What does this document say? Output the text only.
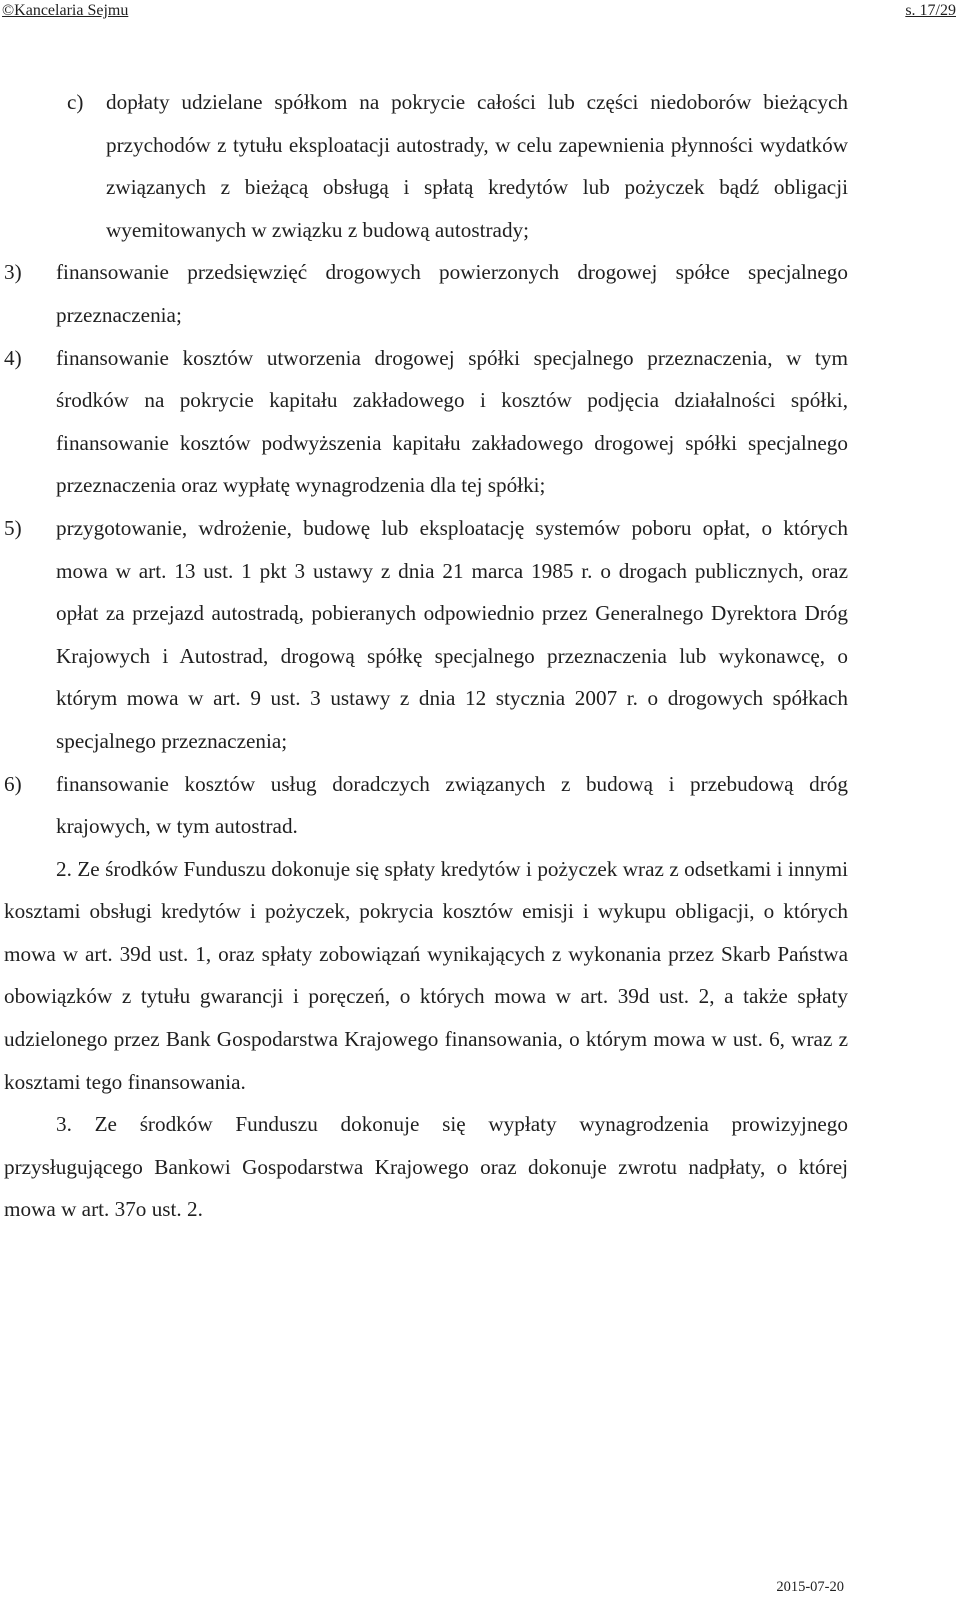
©Kancelaria Sejmu	s. 17/29
c) dopłaty udzielane spółkom na pokrycie całości lub części niedoborów bieżących przychodów z tytułu eksploatacji autostrady, w celu zapewnienia płynności wydatków związanych z bieżącą obsługą i spłatą kredytów lub pożyczek bądź obligacji wyemitowanych w związku z budową autostrady;
3) finansowanie przedsięwzięć drogowych powierzonych drogowej spółce specjalnego przeznaczenia;
4) finansowanie kosztów utworzenia drogowej spółki specjalnego przeznaczenia, w tym środków na pokrycie kapitału zakładowego i kosztów podjęcia działalności spółki, finansowanie kosztów podwyższenia kapitału zakładowego drogowej spółki specjalnego przeznaczenia oraz wypłatę wynagrodzenia dla tej spółki;
5) przygotowanie, wdrożenie, budowę lub eksploatację systemów poboru opłat, o których mowa w art. 13 ust. 1 pkt 3 ustawy z dnia 21 marca 1985 r. o drogach publicznych, oraz opłat za przejazd autostradą, pobieranych odpowiednio przez Generalnego Dyrektora Dróg Krajowych i Autostrad, drogową spółkę specjalnego przeznaczenia lub wykonawcę, o którym mowa w art. 9 ust. 3 ustawy z dnia 12 stycznia 2007 r. o drogowych spółkach specjalnego przeznaczenia;
6) finansowanie kosztów usług doradczych związanych z budową i przebudową dróg krajowych, w tym autostrad.

2. Ze środków Funduszu dokonuje się spłaty kredytów i pożyczek wraz z odsetkami i innymi kosztami obsługi kredytów i pożyczek, pokrycia kosztów emisji i wykupu obligacji, o których mowa w art. 39d ust. 1, oraz spłaty zobowiązań wynikających z wykonania przez Skarb Państwa obowiązków z tytułu gwarancji i poręczeń, o których mowa w art. 39d ust. 2, a także spłaty udzielonego przez Bank Gospodarstwa Krajowego finansowania, o którym mowa w ust. 6, wraz z kosztami tego finansowania.

3. Ze środków Funduszu dokonuje się wypłaty wynagrodzenia prowizyjnego przysługującego Bankowi Gospodarstwa Krajowego oraz dokonuje zwrotu nadpłaty, o której mowa w art. 37o ust. 2.

2015-07-20
